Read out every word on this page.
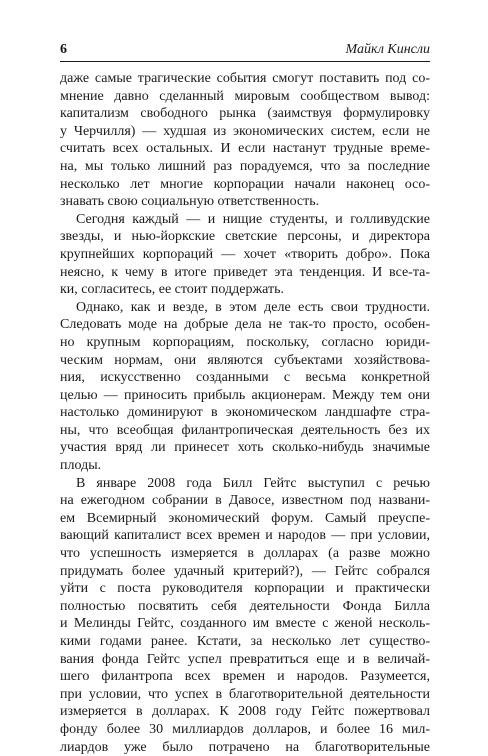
6	Майкл Кинсли
даже самые трагические события смогут поставить под со-
мнение давно сделанный мировым сообществом вывод:
капитализм свободного рынка (заимствуя формулировку
у Черчилля) — худшая из экономических систем, если не
считать всех остальных. И если настанут трудные време-
на, мы только лишний раз порадуемся, что за последние
несколько лет многие корпорации начали наконец осо-
знавать свою социальную ответственность.
Сегодня каждый — и нищие студенты, и голливудские
звезды, и нью-йоркские светские персоны, и директора
крупнейших корпораций — хочет «творить добро». Пока
неясно, к чему в итоге приведет эта тенденция. И все-та-
ки, согласитесь, ее стоит поддержать.
Однако, как и везде, в этом деле есть свои трудности.
Следовать моде на добрые дела не так-то просто, особен-
но крупным корпорациям, поскольку, согласно юриди-
ческим нормам, они являются субъектами хозяйствова-
ния, искусственно созданными с весьма конкретной
целью — приносить прибыль акционерам. Между тем они
настолько доминируют в экономическом ландшафте стра-
ны, что всеобщая филантропическая деятельность без их
участия вряд ли принесет хоть сколько-нибудь значимые
плоды.
В январе 2008 года Билл Гейтс выступил с речью
на ежегодном собрании в Давосе, известном под названи-
ем Всемирный экономический форум. Самый преуспе-
вающий капиталист всех времен и народов — при условии,
что успешность измеряется в долларах (а разве можно
придумать более удачный критерий?), — Гейтс собрался
уйти с поста руководителя корпорации и практически
полностью посвятить себя деятельности Фонда Билла
и Мелинды Гейтс, созданного им вместе с женой несколь-
кими годами ранее. Кстати, за несколько лет существо-
вания фонда Гейтс успел превратиться еще и в величай-
шего филантропа всех времен и народов. Разумеется,
при условии, что успех в благотворительной деятельности
измеряется в долларах. К 2008 году Гейтс пожертвовал
фонду более 30 миллиардов долларов, и более 16 мил-
лиардов уже было потрачено на благотворительные
